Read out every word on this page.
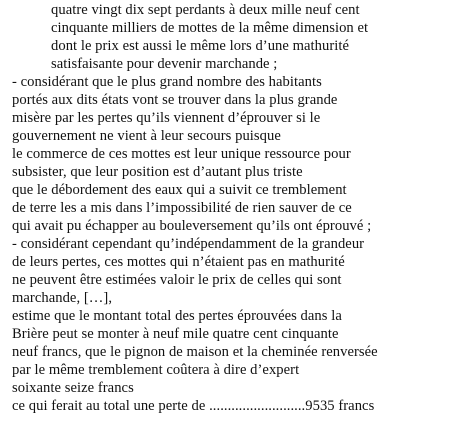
quatre vingt dix sept perdants à deux mille neuf cent
cinquante milliers de mottes de la même dimension et
dont le prix est aussi le même lors d’une mathurité
satisfaisante pour devenir marchande ;
- considérant que le plus grand nombre des habitants
portés aux dits états vont se trouver dans la plus grande
misère par les pertes qu’ils viennent d’éprouver si le
gouvernement ne vient à leur secours puisque
le commerce de ces mottes est leur unique ressource pour
subsister, que leur position est d’autant plus triste
que le débordement des eaux qui a suivit ce tremblement
de terre les a mis dans l’impossibilité de rien sauver de ce
qui avait pu échapper au bouleversement qu’ils ont éprouvé ;
- considérant cependant qu’indépendamment de la grandeur
de leurs pertes, ces mottes qui n’étaient pas en mathurité
ne peuvent être estimées valoir le prix de celles qui sont
marchande, […],
estime que le montant total des pertes éprouvées dans la
Brière peut se monter à neuf mile quatre cent cinquante
neuf francs, que le pignon de maison et la cheminée renversée
par le même tremblement coûtera à dire d’expert
soixante seize francs
ce qui ferait au total une perte de ..........................9535 francs
